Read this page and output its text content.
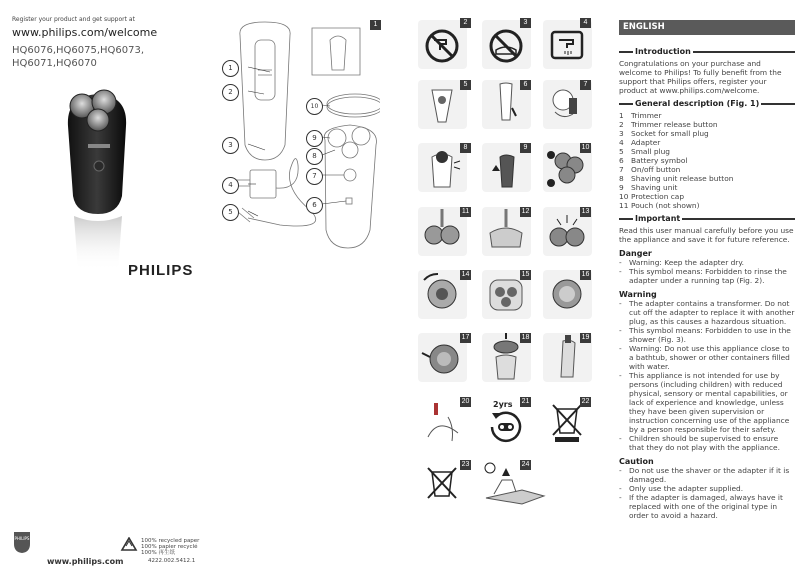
Register your product and get support at
www.philips.com/welcome
HQ6076,HQ6075,HQ6073,
HQ6071,HQ6070
PHILIPS
PHILIPS
www.philips.com
100% recycled paper
100% papier recyclé
100% 再生纸
4222.002.5412.1
1
1
2
3
4
5
10
9
8
7
6
2	3	4
5	6	7
8	9	10
11	12	13
14	15	16
17	18	19
20	2yrs 21	22
23	24
ENGLISH
Introduction
Congratulations on your purchase and welcome to Philips! To fully benefit from the support that Philips offers, register your product at www.philips.com/welcome.
General description (Fig. 1)
1 Trimmer
2 Trimmer release button
3 Socket for small plug
4 Adapter
5 Small plug
6 Battery symbol
7 On/off button
8 Shaving unit release button
9 Shaving unit
10 Protection cap
11 Pouch (not shown)
Important
Read this user manual carefully before you use the appliance and save it for future reference.
Danger
- Warning: Keep the adapter dry.
- This symbol means: Forbidden to rinse the adapter under a running tap (Fig. 2).
Warning
- The adapter contains a transformer. Do not cut off the adapter to replace it with another plug, as this causes a hazardous situation.
- This symbol means: Forbidden to use in the shower (Fig. 3).
- Warning: Do not use this appliance close to a bathtub, shower or other containers filled with water.
- This appliance is not intended for use by persons (including children) with reduced physical, sensory or mental capabilities, or lack of experience and knowledge, unless they have been given supervision or instruction concerning use of the appliance by a person responsible for their safety.
- Children should be supervised to ensure that they do not play with the appliance.
Caution
- Do not use the shaver or the adapter if it is damaged.
- Only use the adapter supplied.
- If the adapter is damaged, always have it replaced with one of the original type in order to avoid a hazard.
